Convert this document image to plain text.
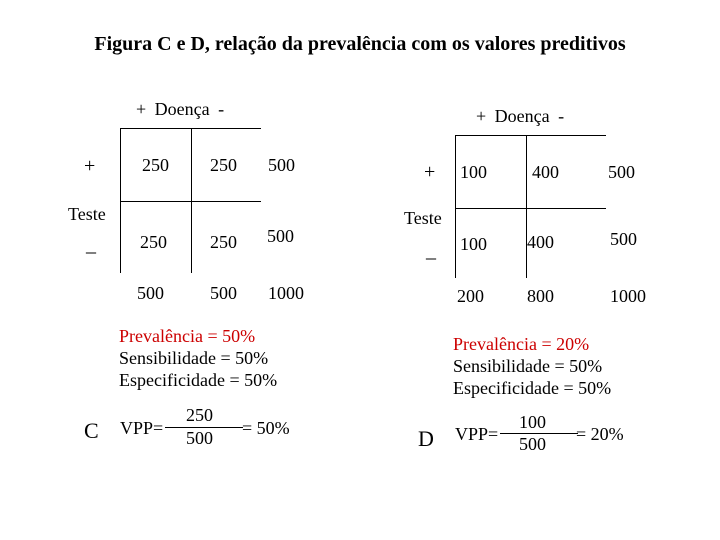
Figura C e D, relação da prevalência com os valores preditivos
+ Doença -
+
Teste
_
250 250 500
250 250 500
500	500 1000
Prevalência = 50%
Sensibilidade = 50%
Especificidade = 50%
C VPP=
250
500 = 50%
+ Doença -
+
Teste
_
100	400	500
100 400	500
200 800	1000
Prevalência = 20%
Sensibilidade = 50%
Especificidade = 50%
D VPP=
100
500 = 20%
